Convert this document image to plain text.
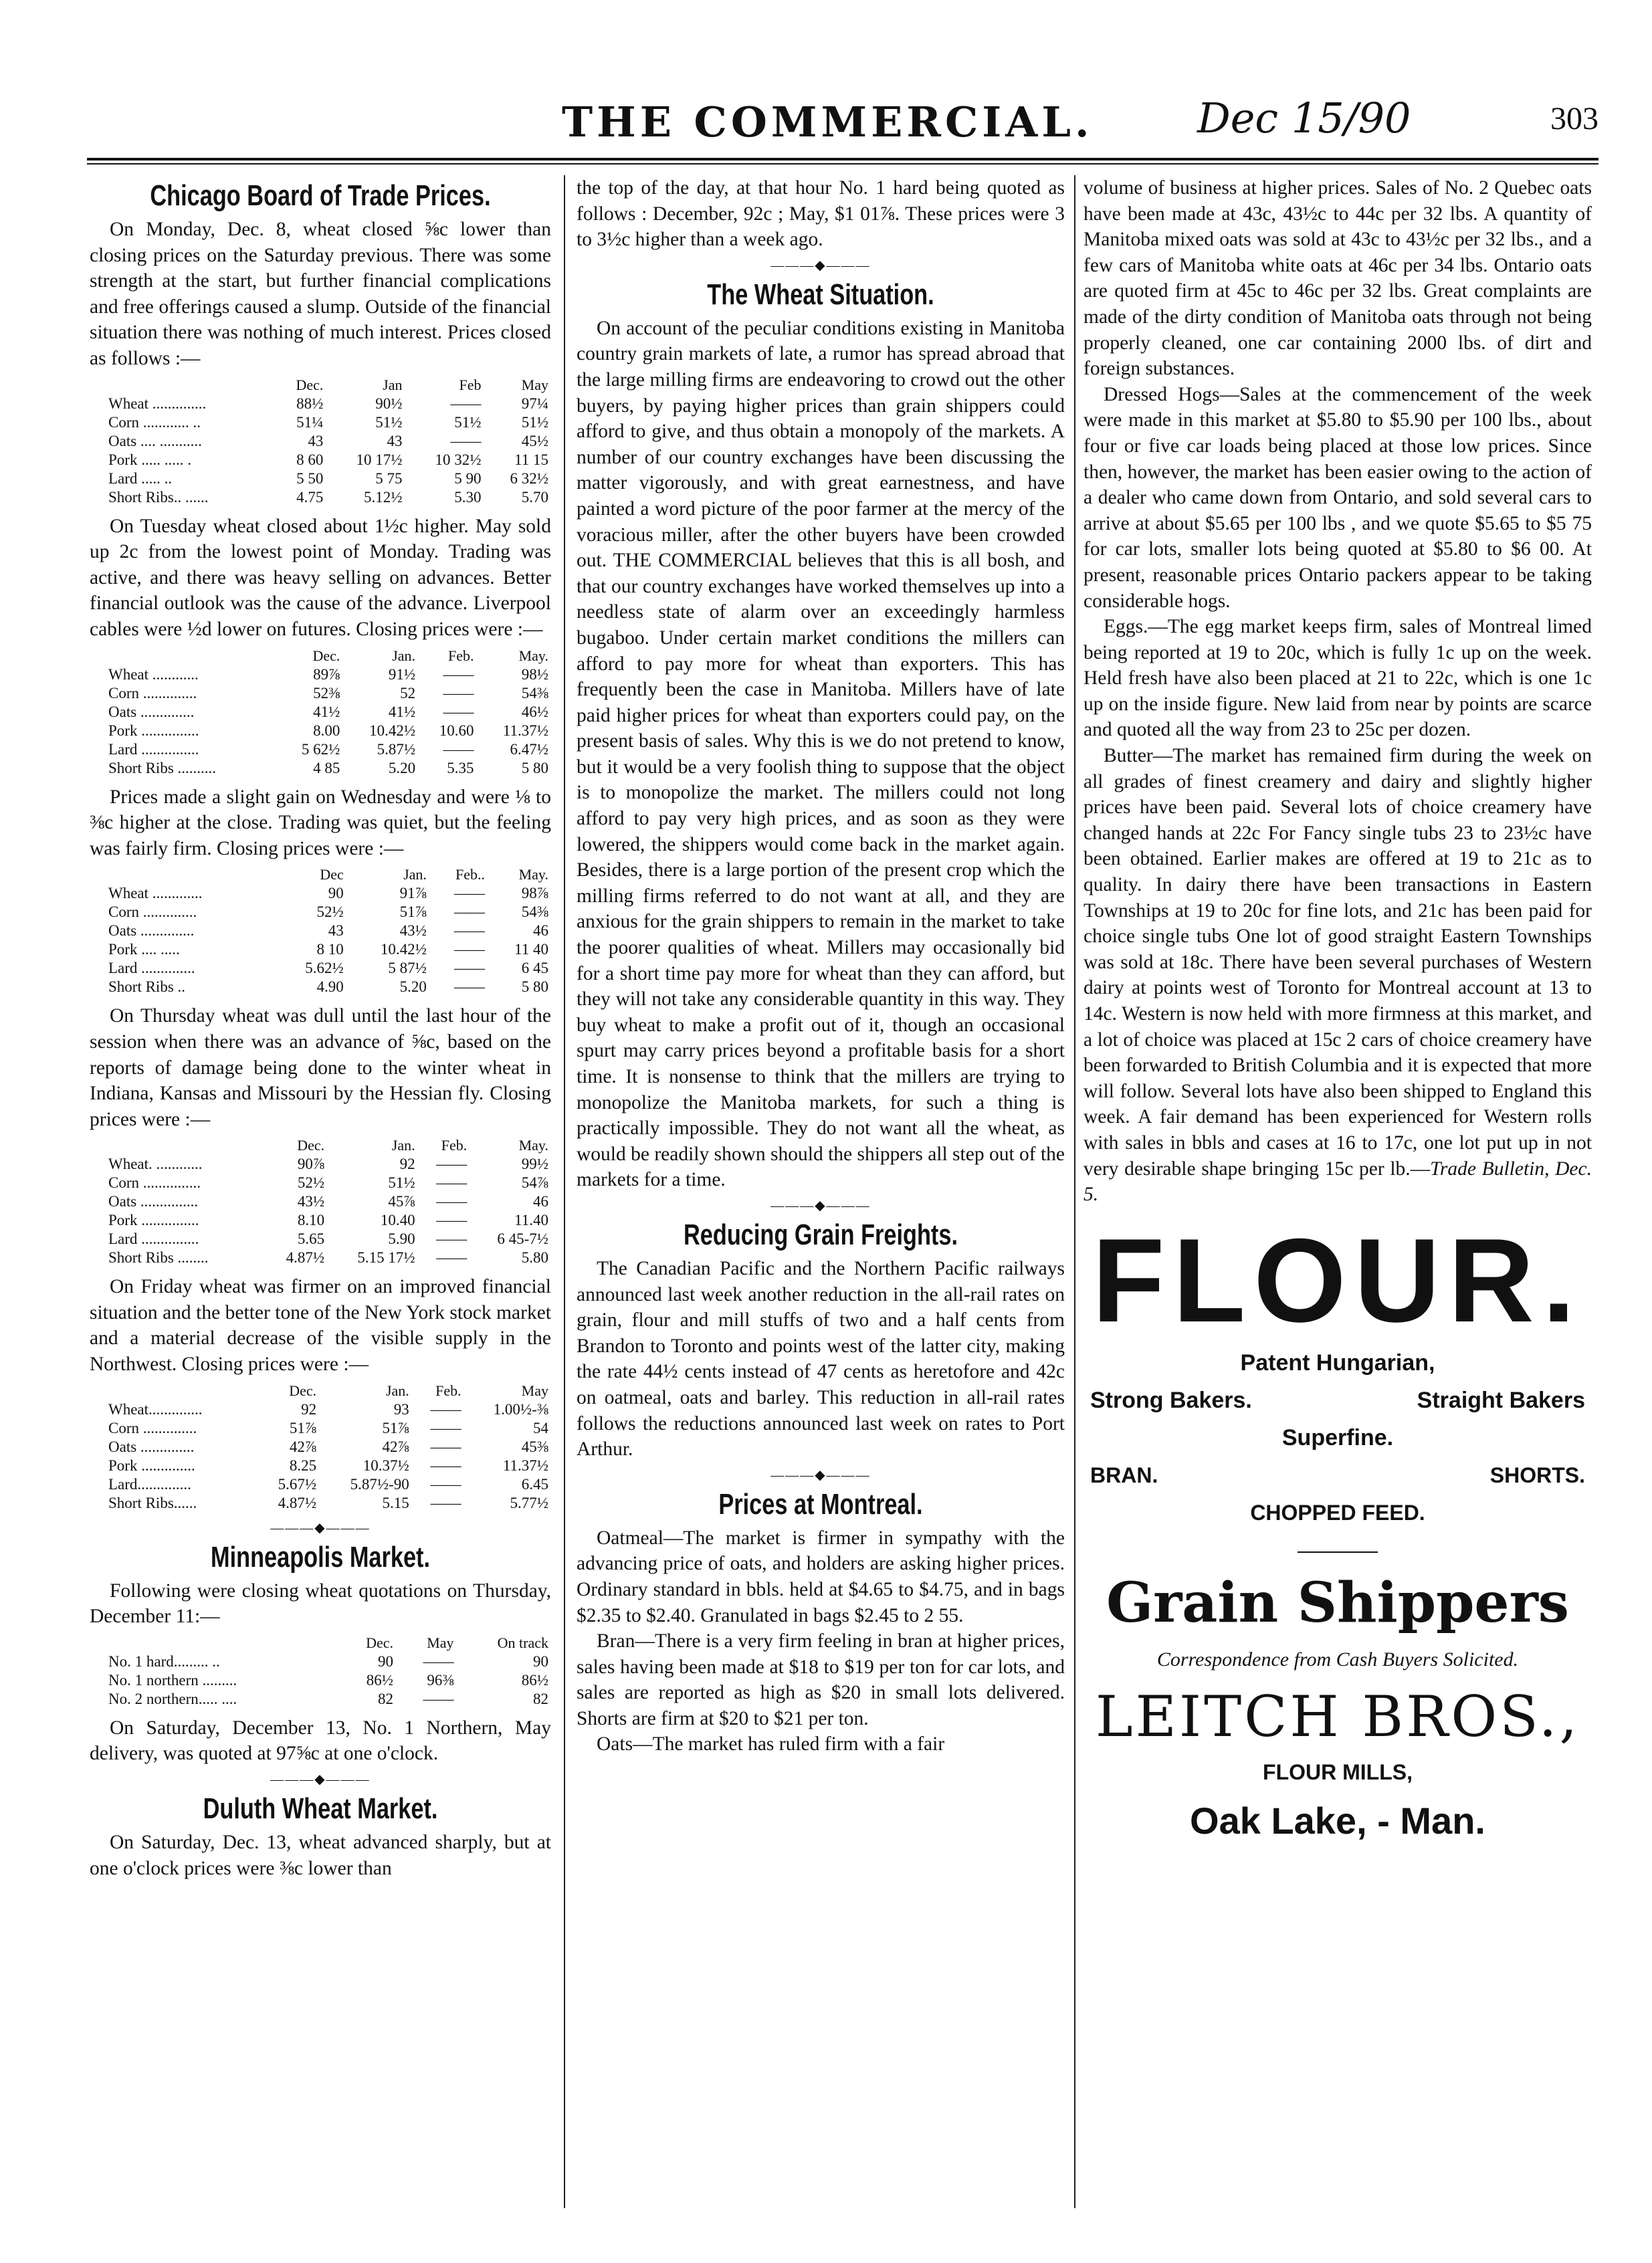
THE COMMERCIAL.	Dec 15/90	303
Chicago Board of Trade Prices.

On Monday, Dec. 8, wheat closed ⅝c lower than closing prices on the Saturday previous. There was some strength at the start, but further financial complications and free offerings caused a slump. Outside of the financial situation there was nothing of much interest. Prices closed as follows :—

	Dec.	Jan	Feb	May
Wheat ..............	88½	90½	——	97¼
Corn ............ ..	51¼	51½	51½	51½
Oats .... ...........	43	43	——	45½
Pork ..... ..... .	8 60	10 17½	10 32½	11 15
Lard ..... ..	5 50	5 75	5 90	6 32½
Short Ribs.. ......	4.75	5.12½	5.30	5.70

On Tuesday wheat closed about 1½c higher. May sold up 2c from the lowest point of Monday. Trading was active, and there was heavy selling on advances. Better financial outlook was the cause of the advance. Liverpool cables were ½d lower on futures. Closing prices were :—

	Dec.	Jan.	Feb.	May.
Wheat ............	89⅞	91½	——	98½
Corn ..............	52⅜	52	——	54⅜
Oats ..............	41½	41½	——	46½
Pork ...............	8.00	10.42½	10.60	11.37½
Lard ...............	5 62½	5.87½	——	6.47½
Short Ribs ..........	4 85	5.20	5.35	5 80

Prices made a slight gain on Wednesday and were ⅛ to ⅜c higher at the close. Trading was quiet, but the feeling was fairly firm. Closing prices were :—

	Dec	Jan.	Feb..	May.
Wheat .............	90	91⅞	——	98⅞
Corn ..............	52½	51⅞	——	54⅜
Oats ..............	43	43½	——	46
Pork .... .....	8 10	10.42½	——	11 40
Lard ..............	5.62½	5 87½	——	6 45
Short Ribs ..	4.90	5.20	——	5 80

On Thursday wheat was dull until the last hour of the session when there was an advance of ⅝c, based on the reports of damage being done to the winter wheat in Indiana, Kansas and Missouri by the Hessian fly. Closing prices were :—

	Dec.	Jan.	Feb.	May.
Wheat. ............	90⅞	92	——	99½
Corn ...............	52½	51½	——	54⅞
Oats ...............	43½	45⅞	——	46
Pork ...............	8.10	10.40	——	11.40
Lard ...............	5.65	5.90	——	6 45-7½
Short Ribs ........	4.87½	5.15 17½	——	5.80

On Friday wheat was firmer on an improved financial situation and the better tone of the New York stock market and a material decrease of the visible supply in the Northwest. Closing prices were :—

	Dec.	Jan.	Feb.	May
Wheat..............	92	93	——	1.00½-⅜
Corn ..............	51⅞	51⅞	——	54
Oats ..............	42⅞	42⅞	——	45⅜
Pork ..............	8.25	10.37½	——	11.37½
Lard..............	5.67½	5.87½-90	——	6.45
Short Ribs......	4.87½	5.15	——	5.77½
———◆———
Minneapolis Market.

Following were closing wheat quotations on Thursday, December 11:—

	Dec.	May	On track
No. 1 hard......... ..	90	——	90
No. 1 northern .........	86½	96⅜	86½
No. 2 northern..... ....	82	——	82

On Saturday, December 13, No. 1 Northern, May delivery, was quoted at 97⅝c at one o'clock.

———◆———
Duluth Wheat Market.

On Saturday, Dec. 13, wheat advanced sharply, but at one o'clock prices were ⅜c lower than

the top of the day, at that hour No. 1 hard being quoted as follows : December, 92c ; May, $1 01⅞. These prices were 3 to 3½c higher than a week ago.

———◆———
The Wheat Situation.

On account of the peculiar conditions existing in Manitoba country grain markets of late, a rumor has spread abroad that the large milling firms are endeavoring to crowd out the other buyers, by paying higher prices than grain shippers could afford to give, and thus obtain a monopoly of the markets. A number of our country exchanges have been discussing the matter vigorously, and with great earnestness, and have painted a word picture of the poor farmer at the mercy of the voracious miller, after the other buyers have been crowded out. THE COMMERCIAL believes that this is all bosh, and that our country exchanges have worked themselves up into a needless state of alarm over an exceedingly harmless bugaboo. Under certain market conditions the millers can afford to pay more for wheat than exporters. This has frequently been the case in Manitoba. Millers have of late paid higher prices for wheat than exporters could pay, on the present basis of sales. Why this is we do not pretend to know, but it would be a very foolish thing to suppose that the object is to monopolize the market. The millers could not long afford to pay very high prices, and as soon as they were lowered, the shippers would come back in the market again. Besides, there is a large portion of the present crop which the milling firms referred to do not want at all, and they are anxious for the grain shippers to remain in the market to take the poorer qualities of wheat. Millers may occasionally bid for a short time pay more for wheat than they can afford, but they will not take any considerable quantity in this way. They buy wheat to make a profit out of it, though an occasional spurt may carry prices beyond a profitable basis for a short time. It is nonsense to think that the millers are trying to monopolize the Manitoba markets, for such a thing is practically impossible. They do not want all the wheat, as would be readily shown should the shippers all step out of the markets for a time.

———◆———
Reducing Grain Freights.

The Canadian Pacific and the Northern Pacific railways announced last week another reduction in the all-rail rates on grain, flour and mill stuffs of two and a half cents from Brandon to Toronto and points west of the latter city, making the rate 44½ cents instead of 47 cents as heretofore and 42c on oatmeal, oats and barley. This reduction in all-rail rates follows the reductions announced last week on rates to Port Arthur.

———◆———
Prices at Montreal.

Oatmeal—The market is firmer in sympathy with the advancing price of oats, and holders are asking higher prices. Ordinary standard in bbls. held at $4.65 to $4.75, and in bags $2.35 to $2.40. Granulated in bags $2.45 to 2 55.

Bran—There is a very firm feeling in bran at higher prices, sales having been made at $18 to $19 per ton for car lots, and sales are reported as high as $20 in small lots delivered. Shorts are firm at $20 to $21 per ton.

Oats—The market has ruled firm with a fair

volume of business at higher prices. Sales of No. 2 Quebec oats have been made at 43c, 43½c to 44c per 32 lbs. A quantity of Manitoba mixed oats was sold at 43c to 43½c per 32 lbs., and a few cars of Manitoba white oats at 46c per 34 lbs. Ontario oats are quoted firm at 45c to 46c per 32 lbs. Great complaints are made of the dirty condition of Manitoba oats through not being properly cleaned, one car containing 2000 lbs. of dirt and foreign substances.

Dressed Hogs—Sales at the commencement of the week were made in this market at $5.80 to $5.90 per 100 lbs., about four or five car loads being placed at those low prices. Since then, however, the market has been easier owing to the action of a dealer who came down from Ontario, and sold several cars to arrive at about $5.65 per 100 lbs , and we quote $5.65 to $5 75 for car lots, smaller lots being quoted at $5.80 to $6 00. At present, reasonable prices Ontario packers appear to be taking considerable hogs.

Eggs.—The egg market keeps firm, sales of Montreal limed being reported at 19 to 20c, which is fully 1c up on the week. Held fresh have also been placed at 21 to 22c, which is one 1c up on the inside figure. New laid from near by points are scarce and quoted all the way from 23 to 25c per dozen.

Butter—The market has remained firm during the week on all grades of finest creamery and dairy and slightly higher prices have been paid. Several lots of choice creamery have changed hands at 22c For Fancy single tubs 23 to 23½c have been obtained. Earlier makes are offered at 19 to 21c as to quality. In dairy there have been transactions in Eastern Townships at 19 to 20c for fine lots, and 21c has been paid for choice single tubs One lot of good straight Eastern Townships was sold at 18c. There have been several purchases of Western dairy at points west of Toronto for Montreal account at 13 to 14c. Western is now held with more firmness at this market, and a lot of choice was placed at 15c 2 cars of choice creamery have been forwarded to British Columbia and it is expected that more will follow. Several lots have also been shipped to England this week. A fair demand has been experienced for Western rolls with sales in bbls and cases at 16 to 17c, one lot put up in not very desirable shape bringing 15c per lb.—Trade Bulletin, Dec. 5.

FLOUR.
Patent Hungarian,
Strong Bakers.	Straight Bakers
Superfine.
BRAN.	SHORTS.
CHOPPED FEED.
Grain Shippers
Correspondence from Cash Buyers Solicited.
LEITCH BROS.,
FLOUR MILLS,
Oak Lake, - Man.
